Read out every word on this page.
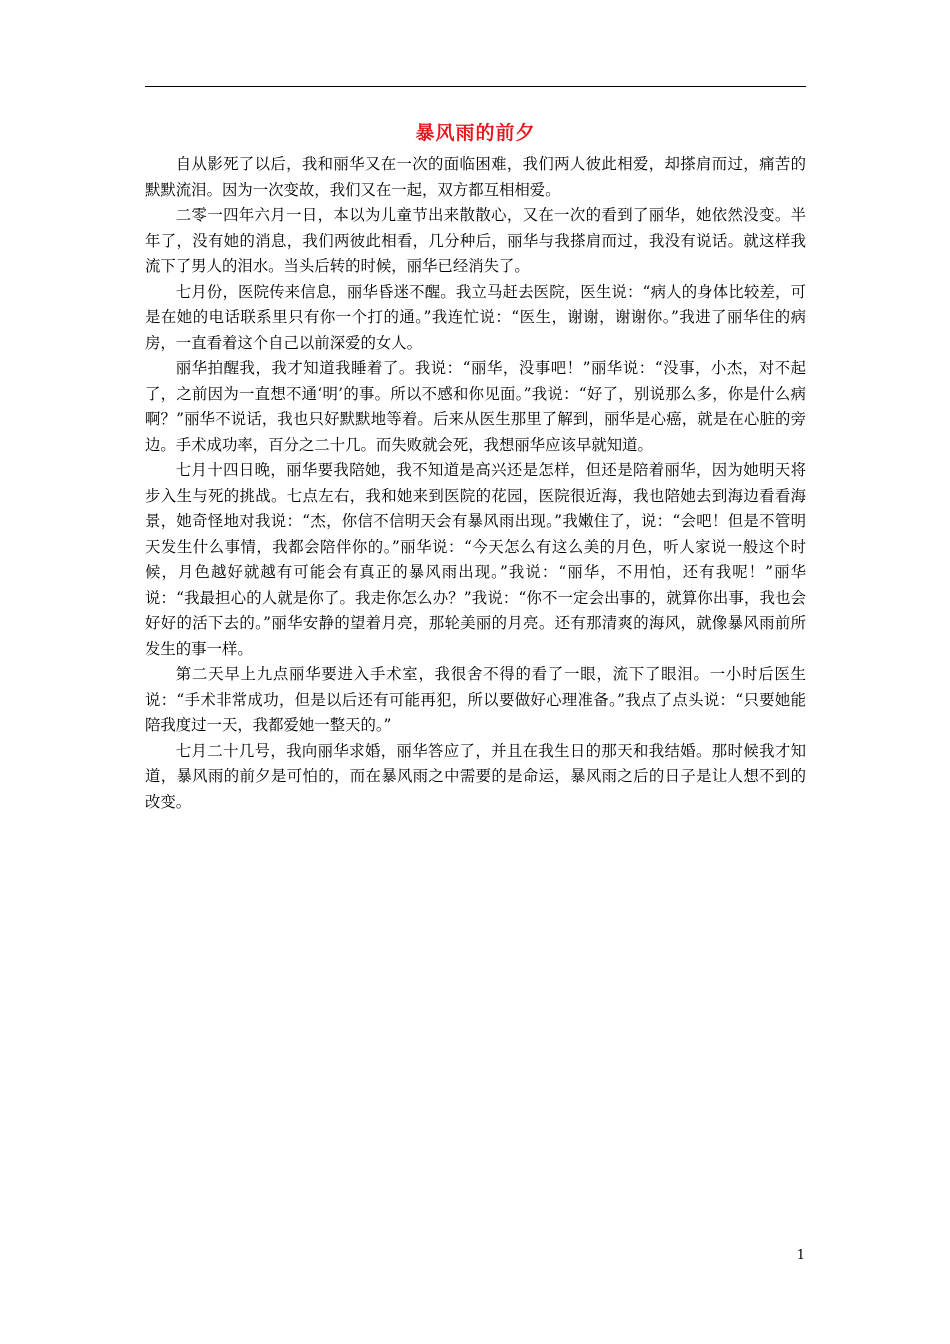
暴风雨的前夕

自从影死了以后，我和丽华又在一次的面临困难，我们两人彼此相爱，却搽肩而过，痛苦的默默流泪。因为一次变故，我们又在一起，双方都互相相爱。

二零一四年六月一日，本以为儿童节出来散散心，又在一次的看到了丽华，她依然没变。半年了，没有她的消息，我们两彼此相看，几分种后，丽华与我搽肩而过，我没有说话。就这样我流下了男人的泪水。当头后转的时候，丽华已经消失了。

七月份，医院传来信息，丽华昏迷不醒。我立马赶去医院，医生说：“病人的身体比较差，可是在她的电话联系里只有你一个打的通。”我连忙说：“医生，谢谢，谢谢你。”我进了丽华住的病房，一直看着这个自己以前深爱的女人。

丽华拍醒我，我才知道我睡着了。我说：“丽华，没事吧！”丽华说：“没事，小杰，对不起了，之前因为一直想不通‘明’的事。所以不感和你见面。”我说：“好了，别说那么多，你是什么病啊？”丽华不说话，我也只好默默地等着。后来从医生那里了解到，丽华是心癌，就是在心脏的旁边。手术成功率，百分之二十几。而失败就会死，我想丽华应该早就知道。

七月十四日晚，丽华要我陪她，我不知道是高兴还是怎样，但还是陪着丽华，因为她明天将步入生与死的挑战。七点左右，我和她来到医院的花园，医院很近海，我也陪她去到海边看看海景，她奇怪地对我说：“杰，你信不信明天会有暴风雨出现。”我嫩住了，说：“会吧！但是不管明天发生什么事情，我都会陪伴你的。”丽华说：“今天怎么有这么美的月色，听人家说一般这个时候，月色越好就越有可能会有真正的暴风雨出现。”我说：“丽华，不用怕，还有我呢！”丽华说：“我最担心的人就是你了。我走你怎么办？”我说：“你不一定会出事的，就算你出事，我也会好好的活下去的。”丽华安静的望着月亮，那轮美丽的月亮。还有那清爽的海风，就像暴风雨前所发生的事一样。

第二天早上九点丽华要进入手术室，我很舍不得的看了一眼，流下了眼泪。一小时后医生说：“手术非常成功，但是以后还有可能再犯，所以要做好心理准备。”我点了点头说：“只要她能陪我度过一天，我都爱她一整天的。”

七月二十几号，我向丽华求婚，丽华答应了，并且在我生日的那天和我结婚。那时候我才知道，暴风雨的前夕是可怕的，而在暴风雨之中需要的是命运，暴风雨之后的日子是让人想不到的改变。

1
